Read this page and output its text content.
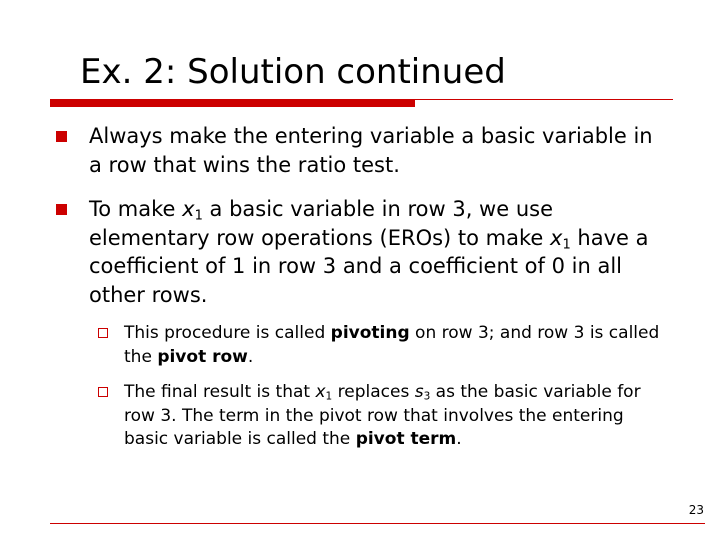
Ex. 2: Solution continued
Always make the entering variable a basic variable in a row that wins the ratio test.
To make $x_1$ a basic variable in row 3, we use elementary row operations (EROs) to make $x_1$ have a coefficient of 1 in row 3 and a coefficient of 0 in all other rows.
This procedure is called pivoting on row 3; and row 3 is called the pivot row.
The final result is that $x_1$ replaces $s_3$ as the basic variable for row 3. The term in the pivot row that involves the entering basic variable is called the pivot term.
23
